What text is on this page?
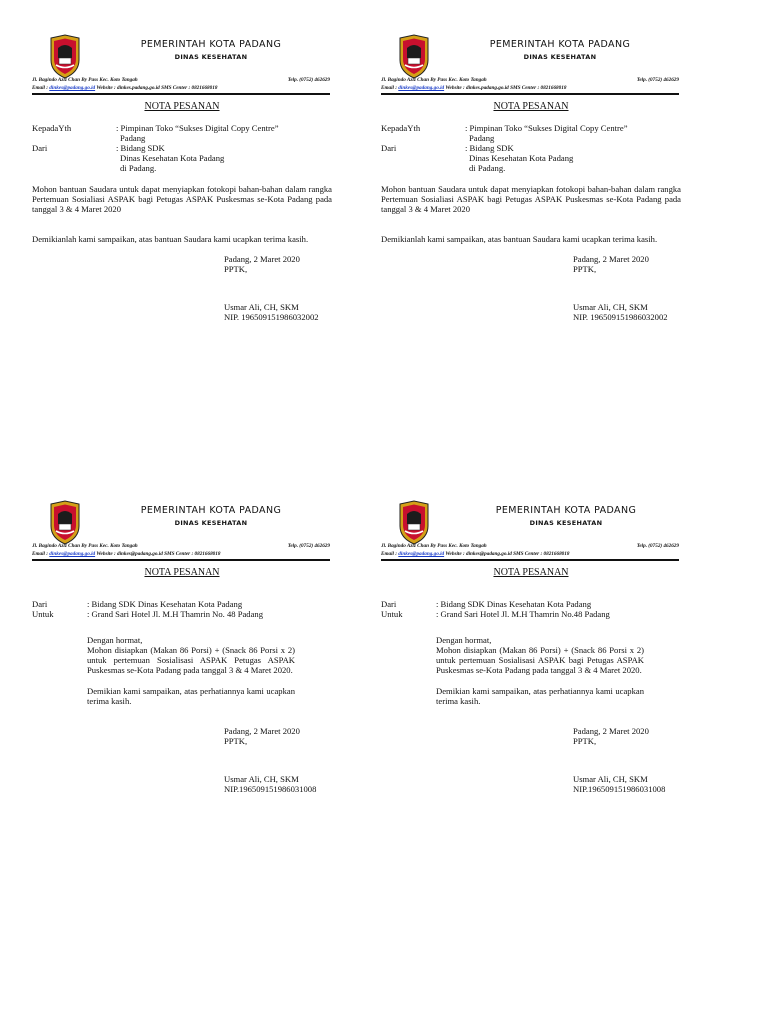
PEMERINTAH KOTA PADANG
DINAS KESEHATAN
Jl. Bagindo Aziz Chan By Pass Kec. Koto Tangah	Telp. (0752) 462629
Email : dinkes@padang.go.id Website : dinkes.padang.go.id SMS Center : 0821668018
NOTA PESANAN
KepadaYth	: Pimpinan Toko “Sukses Digital Copy Centre”
Padang
Dari	: Bidang SDK
Dinas Kesehatan Kota Padang
di Padang.
Mohon bantuan Saudara untuk dapat menyiapkan fotokopi bahan-bahan dalam rangka Pertemuan Sosialiasi ASPAK bagi Petugas ASPAK Puskesmas se-Kota Padang pada tanggal 3 & 4 Maret 2020
Demikianlah kami sampaikan, atas bantuan Saudara kami ucapkan terima kasih.
Padang, 2 Maret 2020
PPTK,
Usmar Ali, CH, SKM
NIP. 196509151986032002
PEMERINTAH KOTA PADANG
DINAS KESEHATAN
Jl. Bagindo Aziz Chan By Pass Kec. Koto Tangah	Telp. (0752) 462629
Email : dinkes@padang.go.id Website : dinkes.padang.go.id SMS Center : 0821668018
NOTA PESANAN
KepadaYth	: Pimpinan Toko “Sukses Digital Copy Centre”
Padang
Dari	: Bidang SDK
Dinas Kesehatan Kota Padang
di Padang.
Mohon bantuan Saudara untuk dapat menyiapkan fotokopi bahan-bahan dalam rangka Pertemuan Sosialiasi ASPAK bagi Petugas ASPAK Puskesmas se-Kota Padang pada tanggal 3 & 4 Maret 2020
Demikianlah kami sampaikan, atas bantuan Saudara kami ucapkan terima kasih.
Padang, 2 Maret 2020
PPTK,
Usmar Ali, CH, SKM
NIP. 196509151986032002
PEMERINTAH KOTA PADANG
DINAS KESEHATAN
Jl. Bagindo Aziz Chan By Pass Kec. Koto Tangah	Telp. (0752) 462629
Email : dinkes@padang.go.id Website : dinkes@padang.go.id SMS Center : 0821668018
NOTA PESANAN
Dari	: Bidang SDK Dinas Kesehatan Kota Padang
Untuk	: Grand Sari Hotel Jl. M.H Thamrin No. 48 Padang

Dengan hormat,

Mohon disiapkan (Makan 86 Porsi) + (Snack 86 Porsi x 2) untuk pertemuan Sosialisasi ASPAK Petugas ASPAK Puskesmas se-Kota Padang pada tanggal 3 & 4 Maret 2020.

Demikian kami sampaikan, atas perhatiannya kami ucapkan terima kasih.
Padang, 2 Maret 2020
PPTK,
Usmar Ali, CH, SKM
NIP.196509151986031008
PEMERINTAH KOTA PADANG
DINAS KESEHATAN
Jl. Bagindo Aziz Chan By Pass Kec. Koto Tangah	Telp. (0752) 462629
Email : dinkes@padang.go.id Website : dinkes@padang.go.id SMS Center : 0821668018
NOTA PESANAN
Dari	: Bidang SDK Dinas Kesehatan Kota Padang
Untuk	: Grand Sari Hotel Jl. M.H Thamrin No.48 Padang

Dengan hormat,

Mohon disiapkan (Makan 86 Porsi) + (Snack 86 Porsi x 2) untuk pertemuan Sosialisasi ASPAK bagi Petugas ASPAK Puskesmas se-Kota Padang pada tanggal 3 & 4 Maret 2020.

Demikian kami sampaikan, atas perhatiannya kami ucapkan terima kasih.
Padang, 2 Maret 2020
PPTK,
Usmar Ali, CH, SKM
NIP.196509151986031008
